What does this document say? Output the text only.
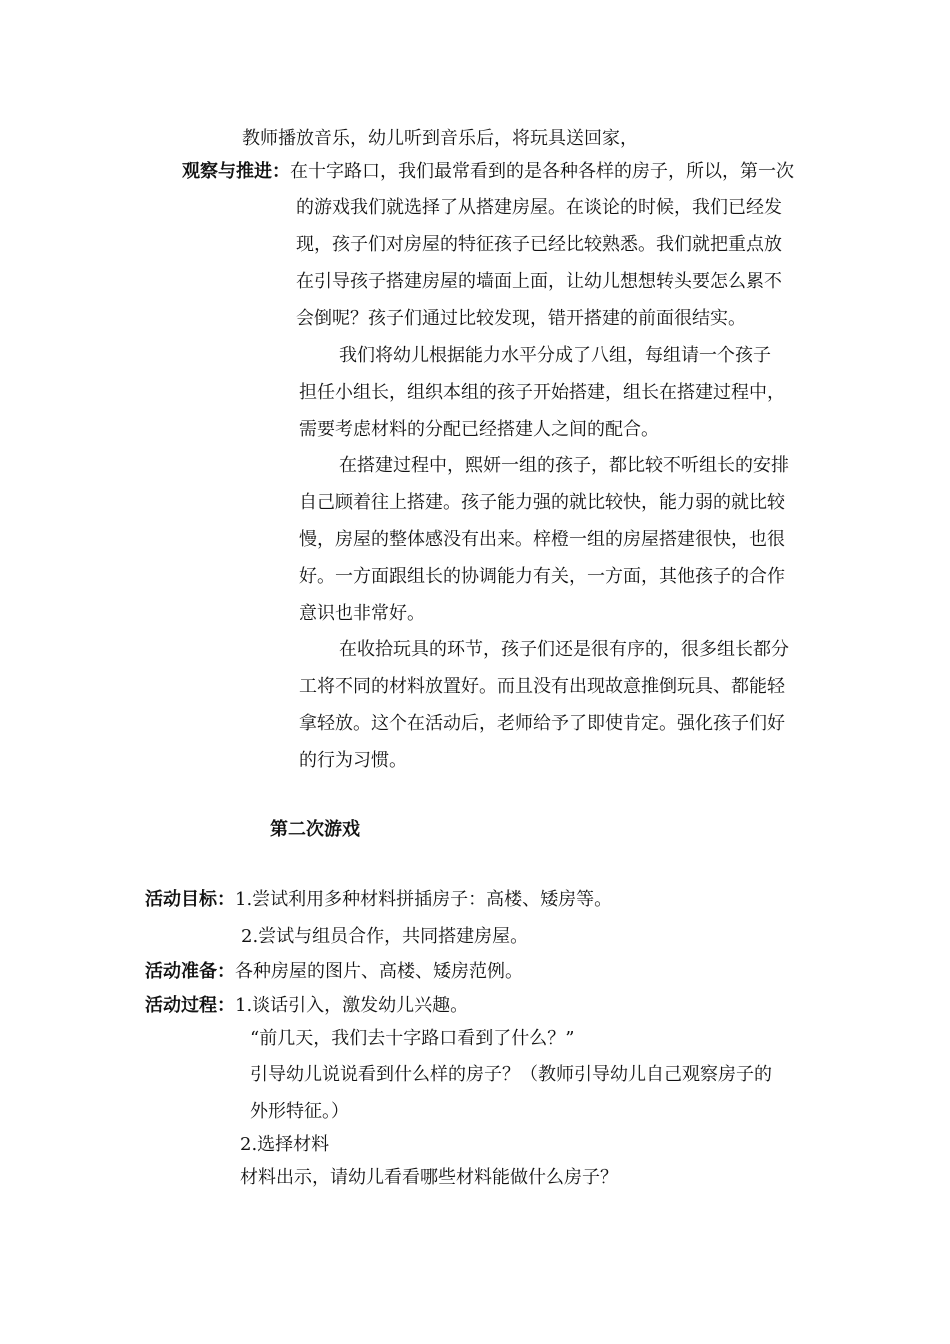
教师播放音乐，幼儿听到音乐后，将玩具送回家，

观察与推进：在十字路口，我们最常看到的是各种各样的房子，所以，第一次

的游戏我们就选择了从搭建房屋。在谈论的时候，我们已经发

现，孩子们对房屋的特征孩子已经比较熟悉。我们就把重点放

在引导孩子搭建房屋的墙面上面，让幼儿想想转头要怎么累不

会倒呢？孩子们通过比较发现，错开搭建的前面很结实。

我们将幼儿根据能力水平分成了八组，每组请一个孩子

担任小组长，组织本组的孩子开始搭建，组长在搭建过程中，

需要考虑材料的分配已经搭建人之间的配合。

在搭建过程中，熙妍一组的孩子，都比较不听组长的安排

自己顾着往上搭建。孩子能力强的就比较快，能力弱的就比较

慢，房屋的整体感没有出来。梓橙一组的房屋搭建很快，也很

好。一方面跟组长的协调能力有关，一方面，其他孩子的合作

意识也非常好。

在收拾玩具的环节，孩子们还是很有序的，很多组长都分

工将不同的材料放置好。而且没有出现故意推倒玩具、都能轻

拿轻放。这个在活动后，老师给予了即使肯定。强化孩子们好

的行为习惯。

第二次游戏

活动目标：1.尝试利用多种材料拼插房子：高楼、矮房等。

2.尝试与组员合作，共同搭建房屋。

活动准备：各种房屋的图片、高楼、矮房范例。

活动过程：1.谈话引入，激发幼儿兴趣。

“前几天，我们去十字路口看到了什么？”

引导幼儿说说看到什么样的房子？（教师引导幼儿自己观察房子的

外形特征。）

2.选择材料

材料出示，请幼儿看看哪些材料能做什么房子？
